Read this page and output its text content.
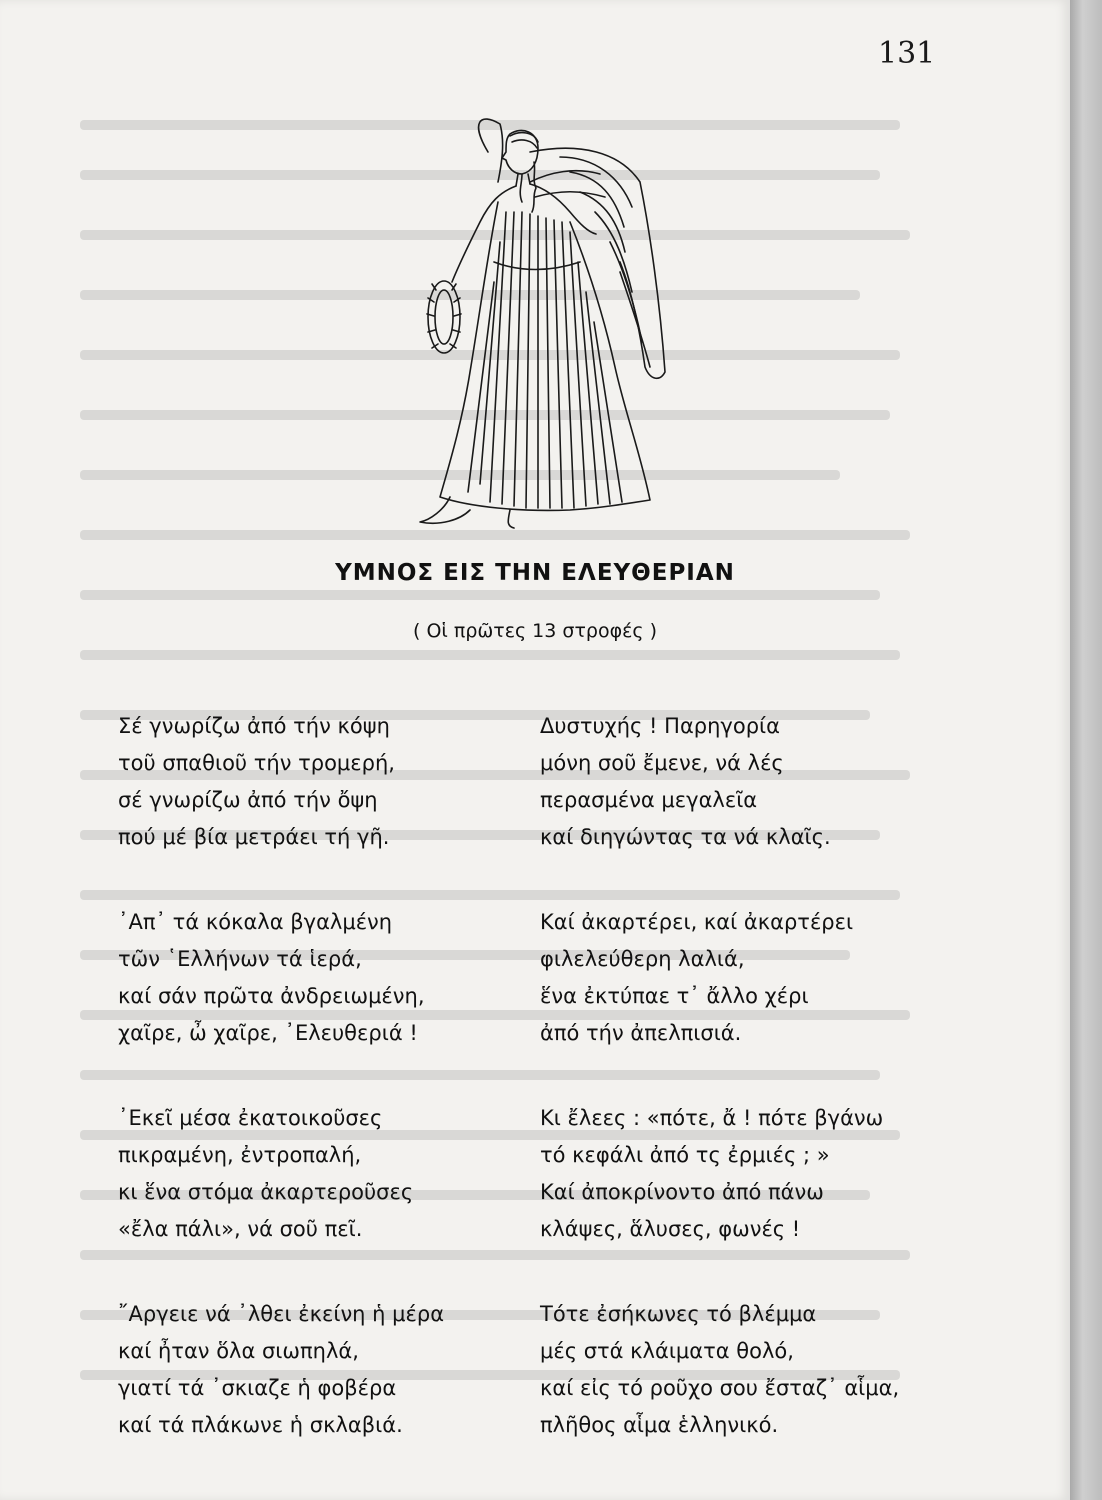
131
ΥΜΝΟΣ ΕΙΣ ΤΗΝ ΕΛΕΥΘΕΡΙΑΝ
( Οἱ πρῶτες 13 στροφές )
Σέ γνωρίζω ἀπό τήν κόψη
τοῦ σπαθιοῦ τήν τρομερή,
σέ γνωρίζω ἀπό τήν ὄψη
πού μέ βία μετράει τή γῆ.
᾿Απ᾿ τά κόκαλα βγαλμένη
τῶν ῾Ελλήνων τά ἱερά,
καί σάν πρῶτα ἀνδρειωμένη,
χαῖρε, ὦ χαῖρε, ᾿Ελευθεριά !
᾿Εκεῖ μέσα ἐκατοικοῦσες
πικραμένη, ἐντροπαλή,
κι ἕνα στόμα ἀκαρτεροῦσες
«ἔλα πάλι», νά σοῦ πεῖ.
῎Αργειε νά ᾿λθει ἐκείνη ἡ μέρα
καί ἦταν ὅλα σιωπηλά,
γιατί τά ᾿σκιαζε ἡ φοβέρα
καί τά πλάκωνε ἡ σκλαβιά.
Δυστυχής ! Παρηγορία
μόνη σοῦ ἔμενε, νά λές
περασμένα μεγαλεῖα
καί διηγώντας τα νά κλαῖς.
Καί ἀκαρτέρει, καί ἀκαρτέρει
φιλελεύθερη λαλιά,
ἕνα ἐκτύπαε τ᾿ ἄλλο χέρι
ἀπό τήν ἀπελπισιά.
Κι ἔλεες : «πότε, ἄ ! πότε βγάνω
τό κεφάλι ἀπό τς ἐρμιές ; »
Καί ἀποκρίνοντο ἀπό πάνω
κλάψες, ἅλυσες, φωνές !
Τότε ἐσήκωνες τό βλέμμα
μές στά κλάιματα θολό,
καί εἰς τό ροῦχο σου ἔσταζ᾿ αἷμα,
πλῆθος αἷμα ἑλληνικό.
